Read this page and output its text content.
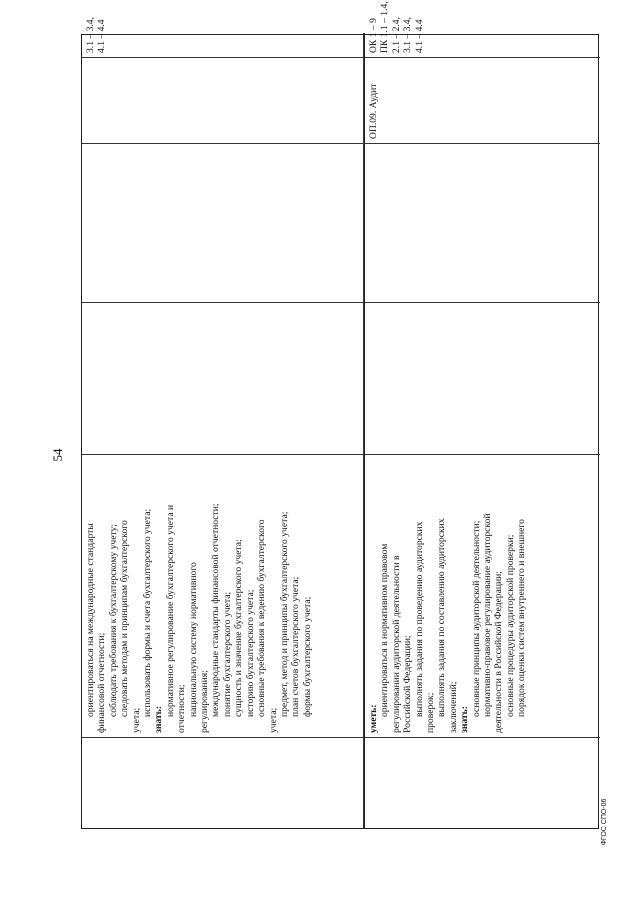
54

ориентироваться на международные стандарты финансовой отчетности; соблюдать требования к бухгалтерскому учету; следовать методам и принципам бухгалтерского

учета;

использовать формы и счета бухгалтерского учета;

знать:

нормативное регулирование бухгалтерского учета и отчетности; национальную систему нормативного регулирования; международные стандарты финансовой отчетности; понятие бухгалтерского учета; сущность и значение бухгалтерского учета; историю бухгалтерского учета; основные требования к ведению бухгалтерского

учета;

предмет, метод и принципы бухгалтерского учета; план счетов бухгалтерского учета; формы бухгалтерского учета;

3.1 – 3.4, 4.1 – 4.4

уметь:

ориентироваться в нормативном правовом регулировании аудиторской деятельности в Российской Федерации; выполнять задания по проведению аудиторских проверок; выполнять задания по составлению аудиторских заключений; знать:

основные принципы аудиторской деятельности; нормативно-правовое регулирование аудиторской деятельности в Российской Федерации; основные процедуры аудиторской проверки; порядок оценки систем внутреннего и внешнего

ОП.09. Аудит

ОК 1 – 9 ПК 1.1 – 1.4, 2.1 – 2.4, 3.1 – 3.4, 4.1 – 4.4

ФГОС СПО-06
